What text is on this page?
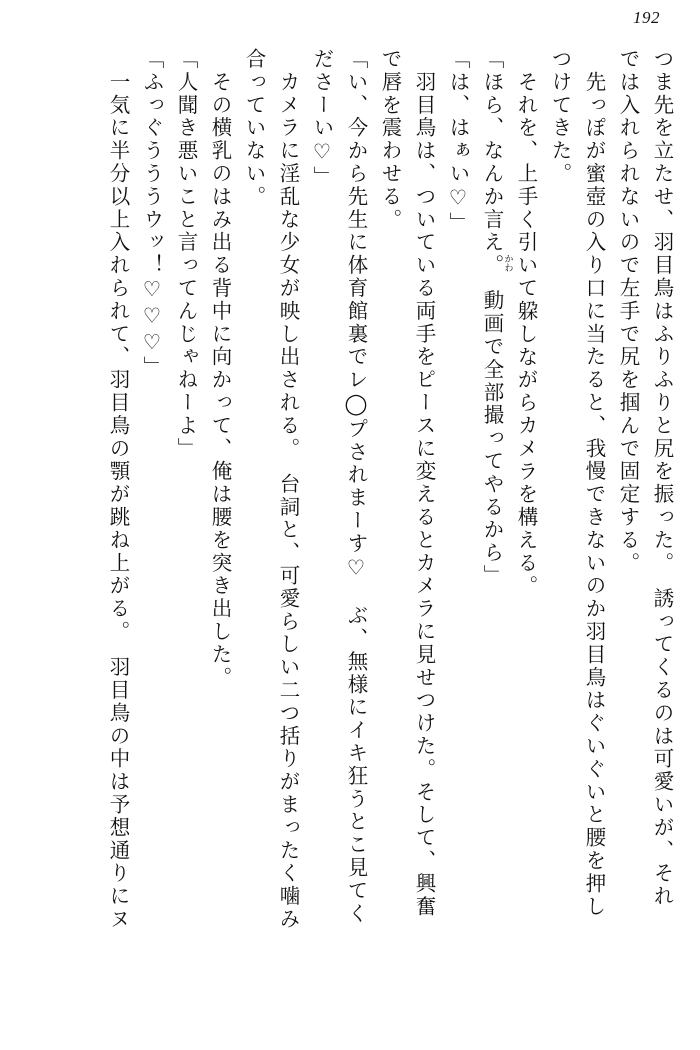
192
つま先を立たせ、羽目鳥はふりふりと尻を振った。　誘ってくるのは可愛いが、それ
では入れられないので左手で尻を掴んで固定する。
　先っぽが蜜壺の入り口に当たると、我慢できないのか羽目鳥はぐいぐいと腰を押し
つけてきた。
　それを、上手く引い
かわ
て躱しながらカメラを構える。
「ほら、なんか言え。　動画で全部撮ってやるから」
「は、はぁい♡」
　羽目鳥は、ついている両手をピースに変えるとカメラに見せつけた。そして、興奮
で唇を震わせる。
「い、今から先生に体育館裏でレ◯プされまーす♡　ぶ、無様にイキ狂うとこ見てく
ださーい♡」
　カメラに淫乱な少女が映し出される。　台詞と、可愛らしい二つ括りがまったく噛み
合っていない。
　その横乳のはみ出る背中に向かって、俺は腰を突き出した。
「人聞き悪いこと言ってんじゃねーよ」
「ふっぐうううウッ！♡♡♡」
　一気に半分以上入れられて、羽目鳥の顎が跳ね上がる。　羽目鳥の中は予想通りにヌ
